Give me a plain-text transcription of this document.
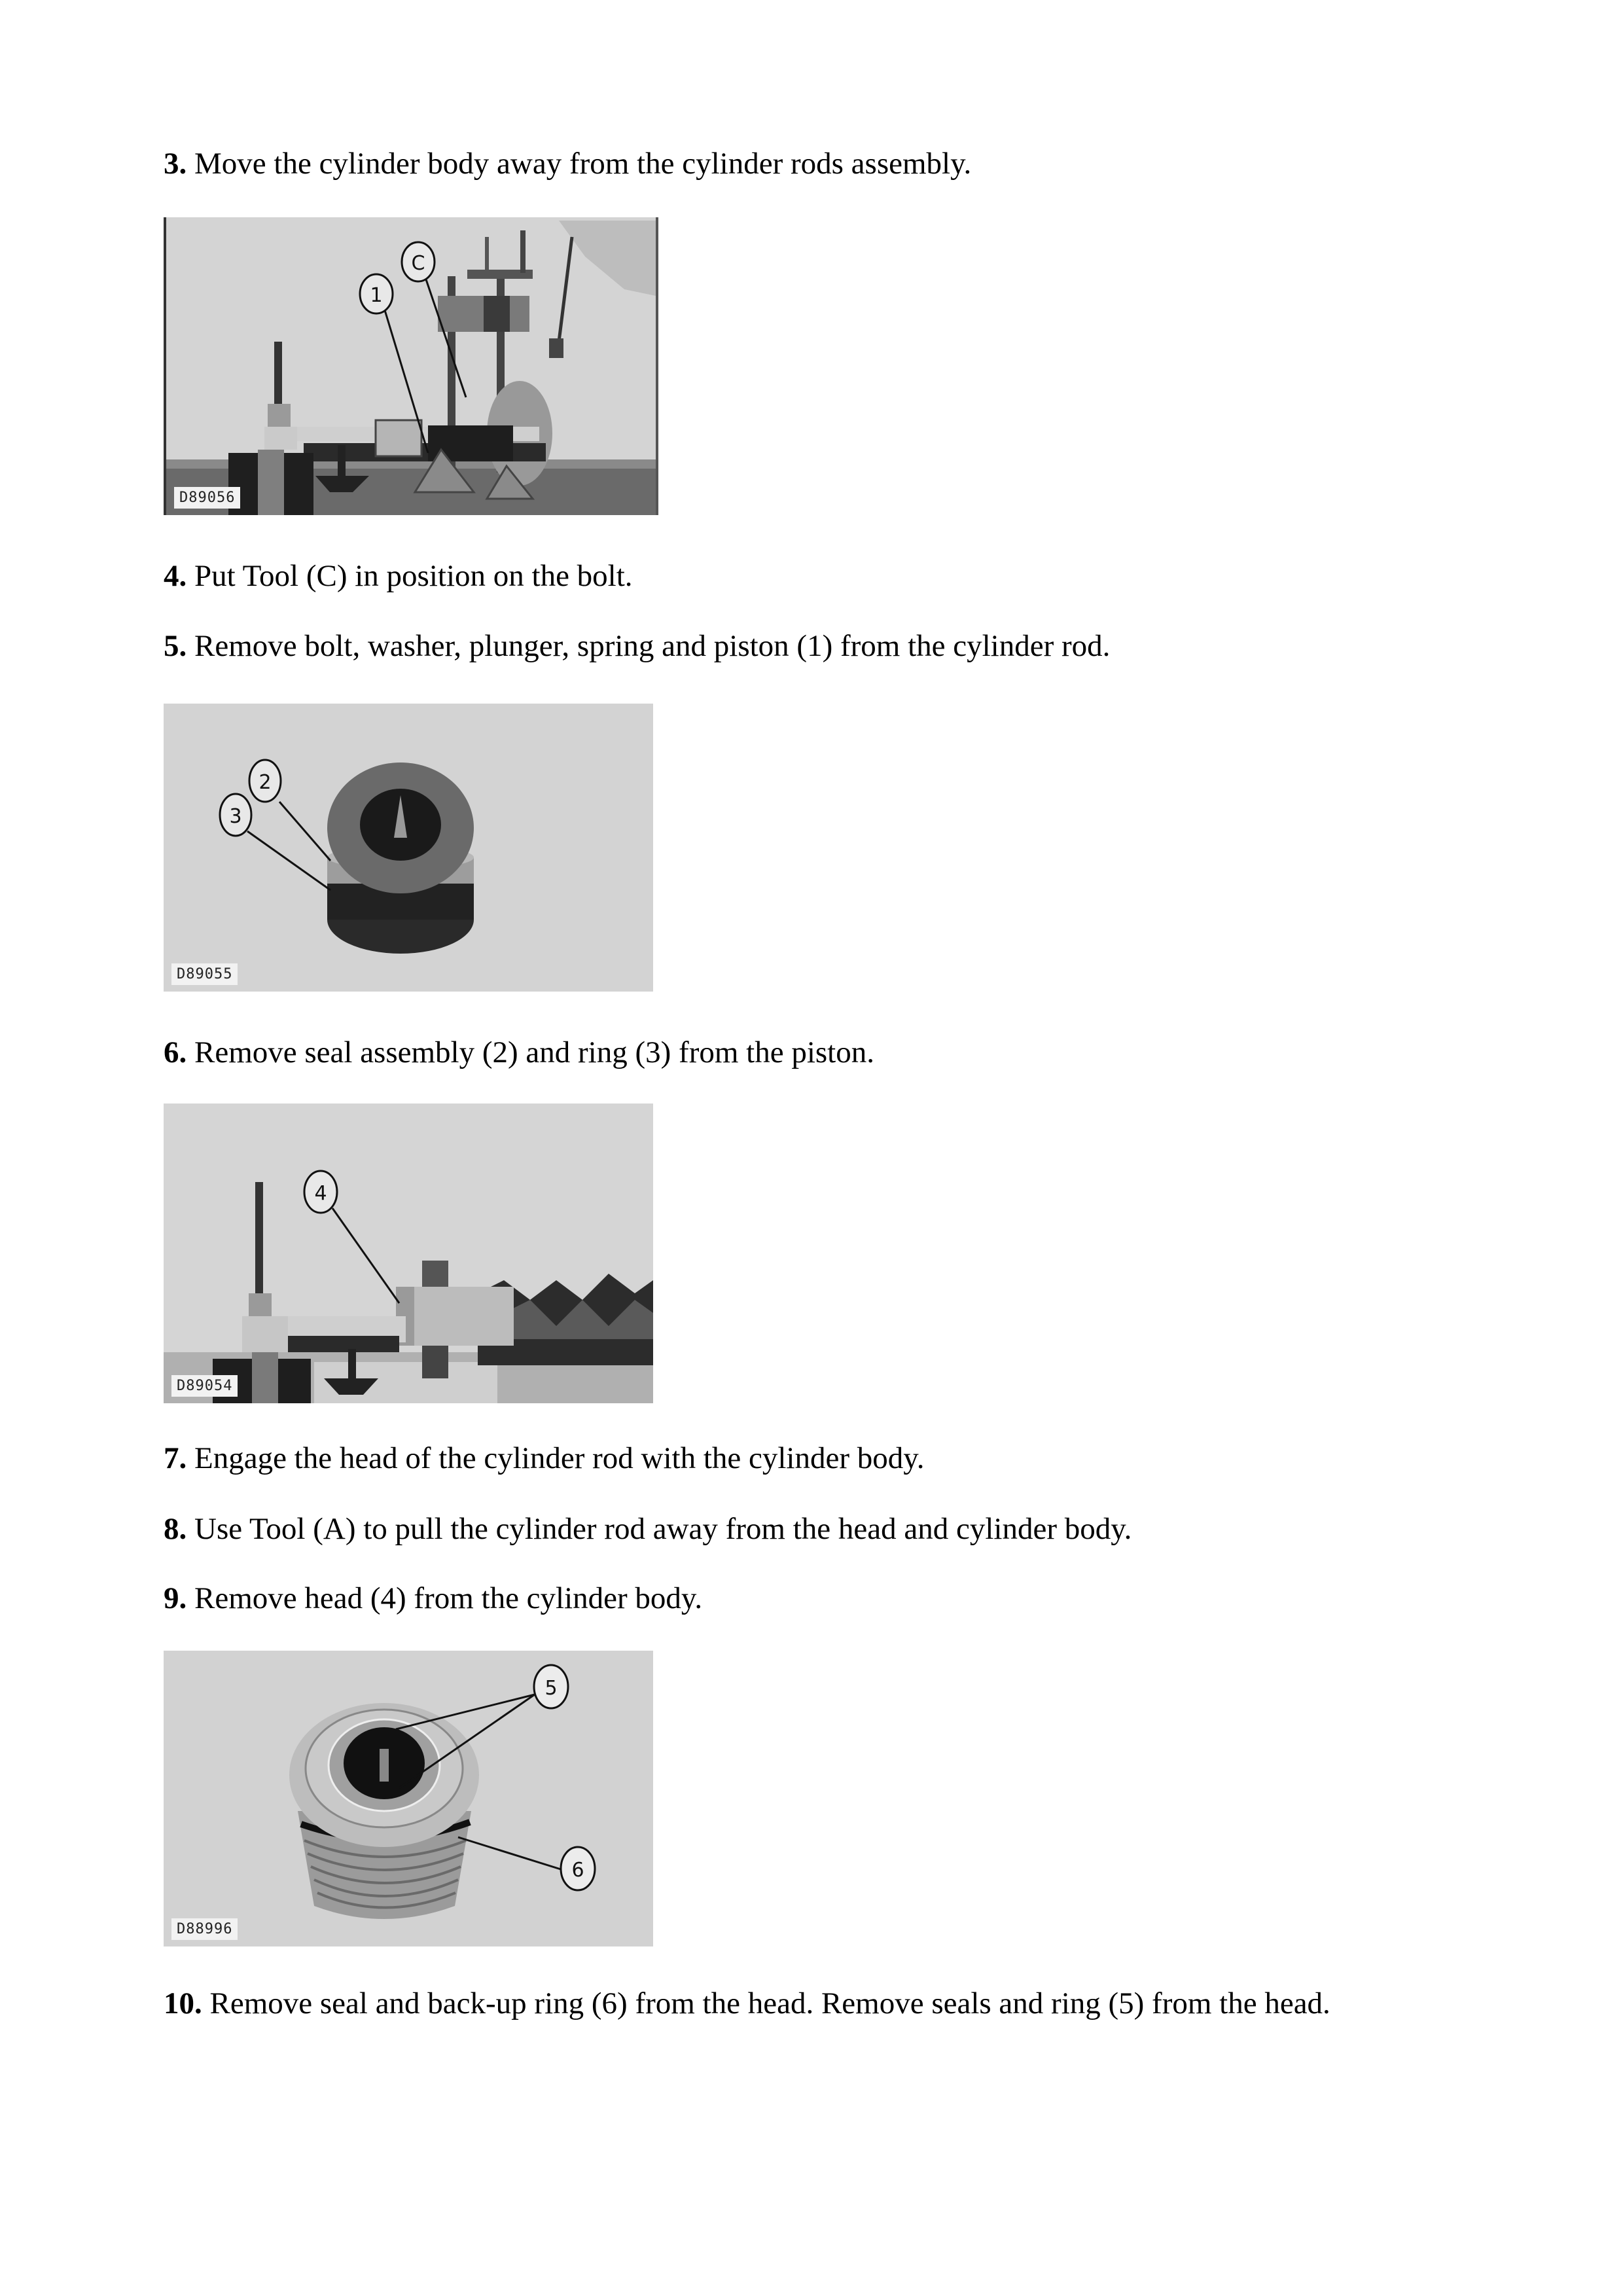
3. Move the cylinder body away from the cylinder rods assembly.
C
1
D89056
4. Put Tool (C) in position on the bolt.
5. Remove bolt, washer, plunger, spring and piston (1) from the cylinder rod.
2
3
D89055
6. Remove seal assembly (2) and ring (3) from the piston.
4
D89054
7. Engage the head of the cylinder rod with the cylinder body.
8. Use Tool (A) to pull the cylinder rod away from the head and cylinder body.
9. Remove head (4) from the cylinder body.
5
6
D88996
10. Remove seal and back-up ring (6) from the head. Remove seals and ring (5) from the head.
